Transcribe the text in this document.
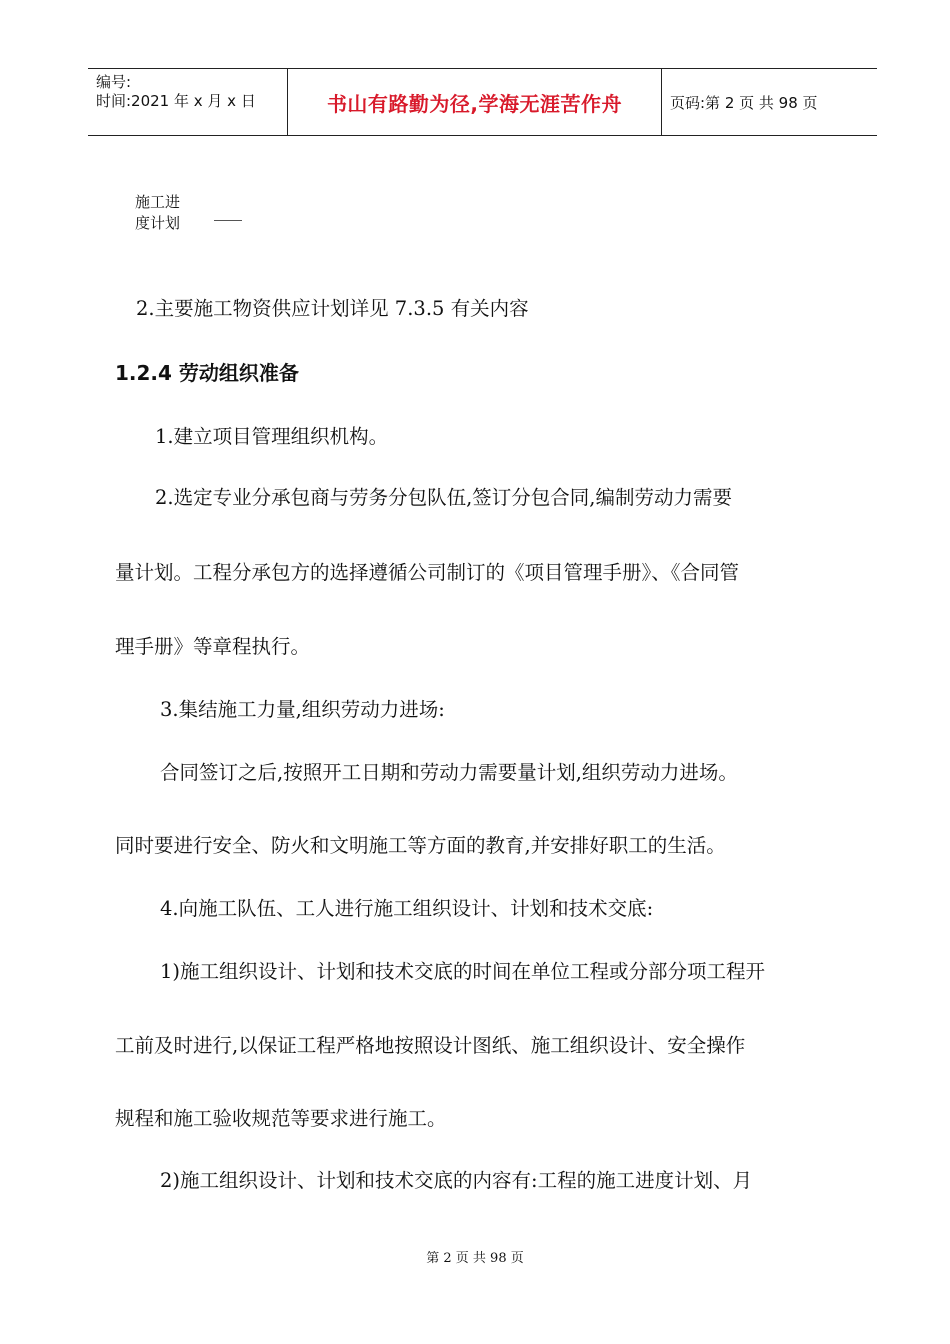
编号:
时间:2021 年 x 月 x 日	书山有路勤为径,学海无涯苦作舟	页码:第 2 页 共 98 页
施工进
度计划
2.主要施工物资供应计划详见 7.3.5 有关内容
1.2.4 劳动组织准备
1.建立项目管理组织机构。
2.选定专业分承包商与劳务分包队伍,签订分包合同,编制劳动力需要
量计划。工程分承包方的选择遵循公司制订的《项目管理手册》、《合同管
理手册》等章程执行。
3.集结施工力量,组织劳动力进场:
合同签订之后,按照开工日期和劳动力需要量计划,组织劳动力进场。
同时要进行安全、防火和文明施工等方面的教育,并安排好职工的生活。
4.向施工队伍、工人进行施工组织设计、计划和技术交底:
1)施工组织设计、计划和技术交底的时间在单位工程或分部分项工程开
工前及时进行,以保证工程严格地按照设计图纸、施工组织设计、安全操作
规程和施工验收规范等要求进行施工。
2)施工组织设计、计划和技术交底的内容有:工程的施工进度计划、月
第 2 页 共 98 页
